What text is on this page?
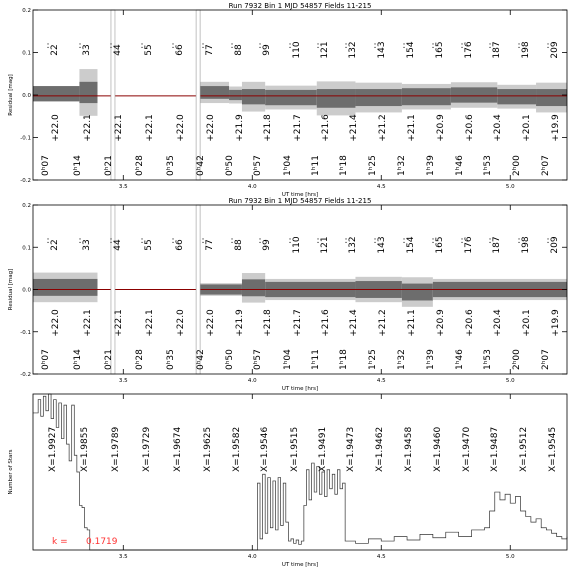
Run 7932 Bin 1 MJD 54857 Fields 11-215
: 22 : 33 : 44 : 55 : 66 : 77 : 88 : 99 : 110 : 121 : 132 : 143 : 154 : 165 : 176 : 187 : 198 : 209
0ʰ07
+22.0
0ʰ14
+22.1
0ʰ21
+22.1
0ʰ28
+22.1
0ʰ35
+22.0
0ʰ42
+22.0
0ʰ50
+21.9
0ʰ57
+21.8
1ʰ04
+21.7
1ʰ11
+21.6
1ʰ18
+21.4
1ʰ25
+21.2
1ʰ32
+21.1
1ʰ39
+20.9
1ʰ46
+20.6
1ʰ53
+20.4
2ʰ00
+20.1
2ʰ07
+19.9
-0.2
-0.1
0.0
0.1
0.2
3.5	4.0	4.5	5.0
UT time [hrs]
Residual [mag]
Run 7932 Bin 1 MJD 54857 Fields 11-215
: 22 : 33 : 44 : 55 : 66 : 77 : 88 : 99 : 110 : 121 : 132 : 143 : 154 : 165 : 176 : 187 : 198 : 209
0ʰ07
+22.0
0ʰ14
+22.1
0ʰ21
+22.1
0ʰ28
+22.1
0ʰ35
+22.0
0ʰ42
+22.0
0ʰ50
+21.9
0ʰ57
+21.8
1ʰ04
+21.7
1ʰ11
+21.6
1ʰ18
+21.4
1ʰ25
+21.2
1ʰ32
+21.1
1ʰ39
+20.9
1ʰ46
+20.6
1ʰ53
+20.4
2ʰ00
+20.1
2ʰ07
+19.9
-0.2
-0.1
0.0
0.1
0.2
3.5	4.0	4.5	5.0
UT time [hrs]
Residual [mag]
X=1.9927 X=1.9855 X=1.9789 X=1.9729 X=1.9674 X=1.9625 X=1.9582 X=1.9546 X=1.9515 X=1.9491 X=1.9473 X=1.9462 X=1.9458 X=1.9460 X=1.9470 X=1.9487 X=1.9512 X=1.9545
k = 0.1719
3.5	4.0	4.5	5.0
UT time [hrs]
Number of Stars
